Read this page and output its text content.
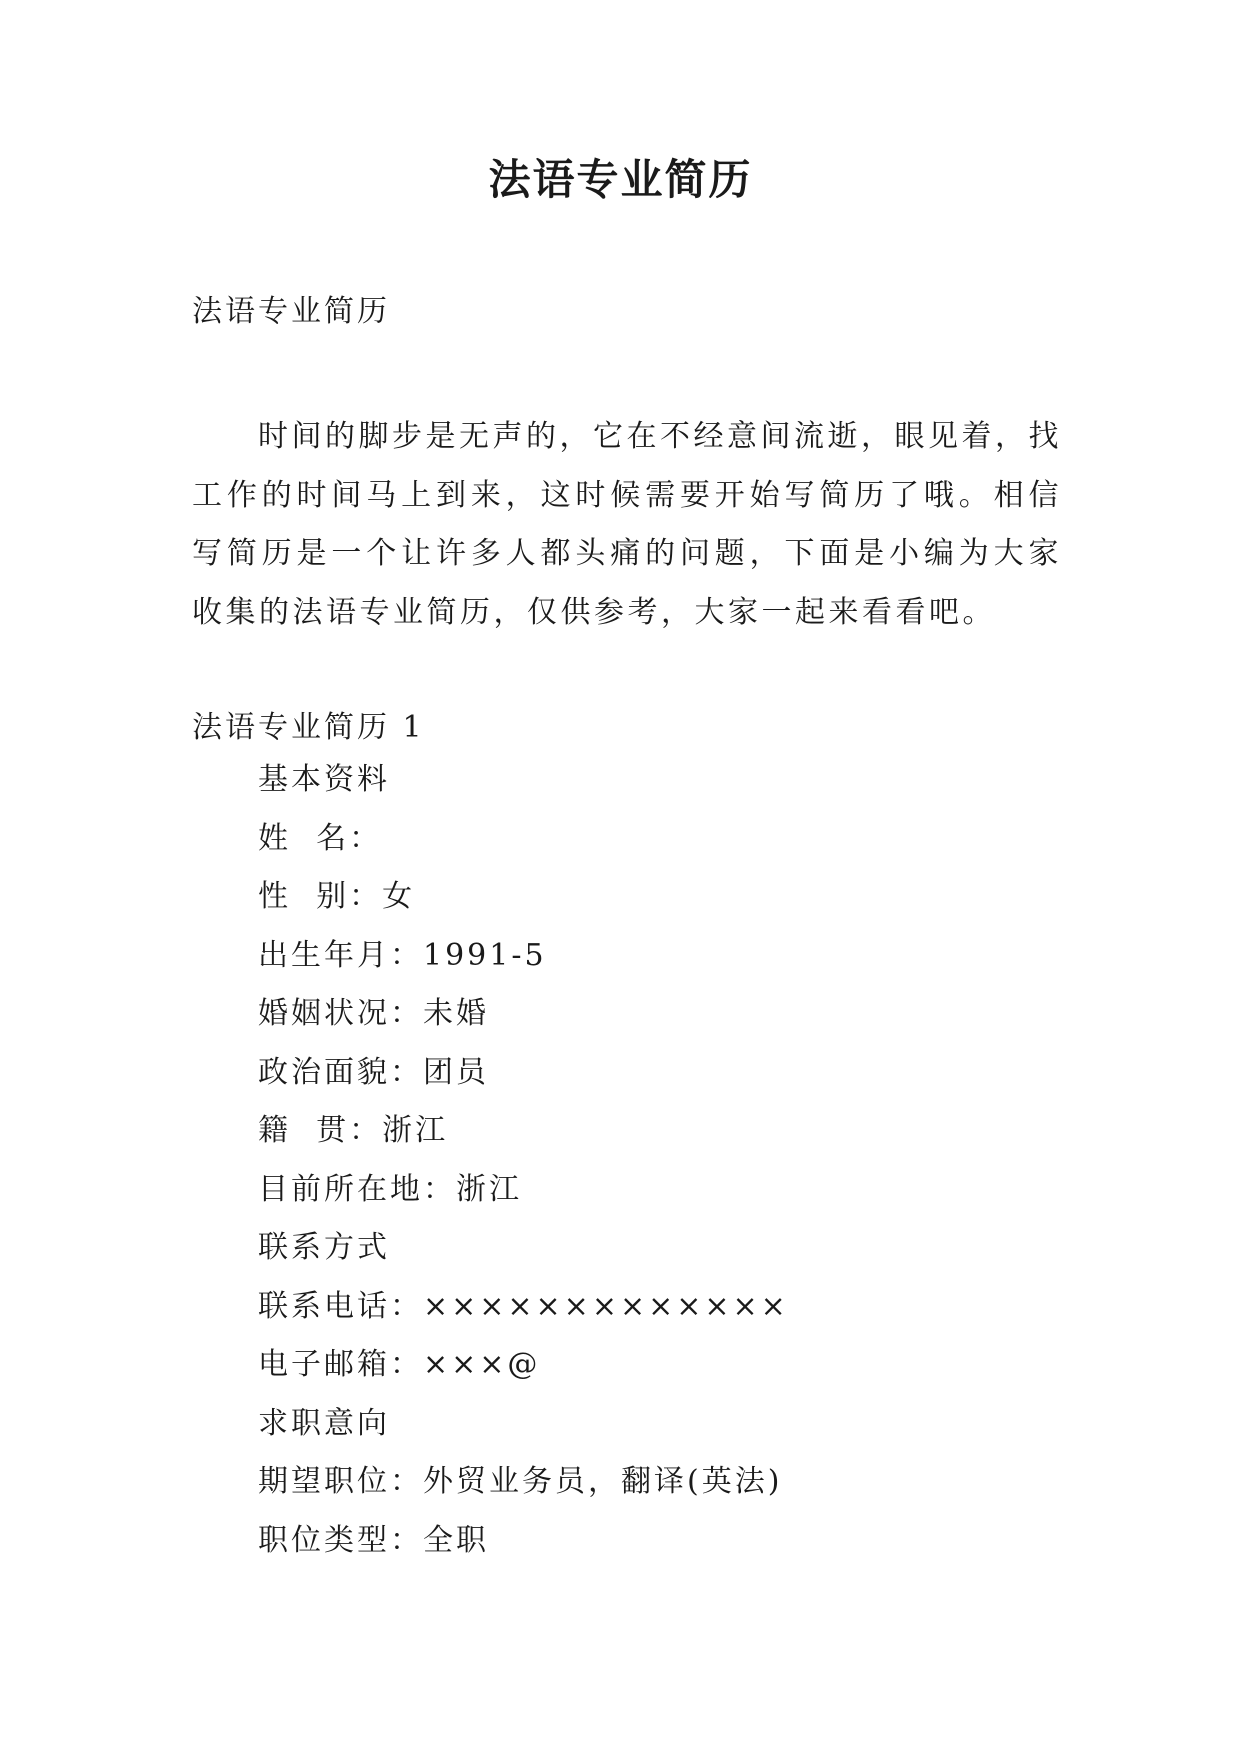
法语专业简历

法语专业简历

时间的脚步是无声的，它在不经意间流逝，眼见着，找工作的时间马上到来，这时候需要开始写简历了哦。相信写简历是一个让许多人都头痛的问题，下面是小编为大家收集的法语专业简历，仅供参考，大家一起来看看吧。

法语专业简历 1

基本资料
姓  名：
性  别：女
出生年月：1991-5
婚姻状况：未婚
政治面貌：团员
籍  贯：浙江
目前所在地：浙江
联系方式
联系电话：×××××××××××××
电子邮箱：×××@
求职意向
期望职位：外贸业务员，翻译(英法)
职位类型：全职
